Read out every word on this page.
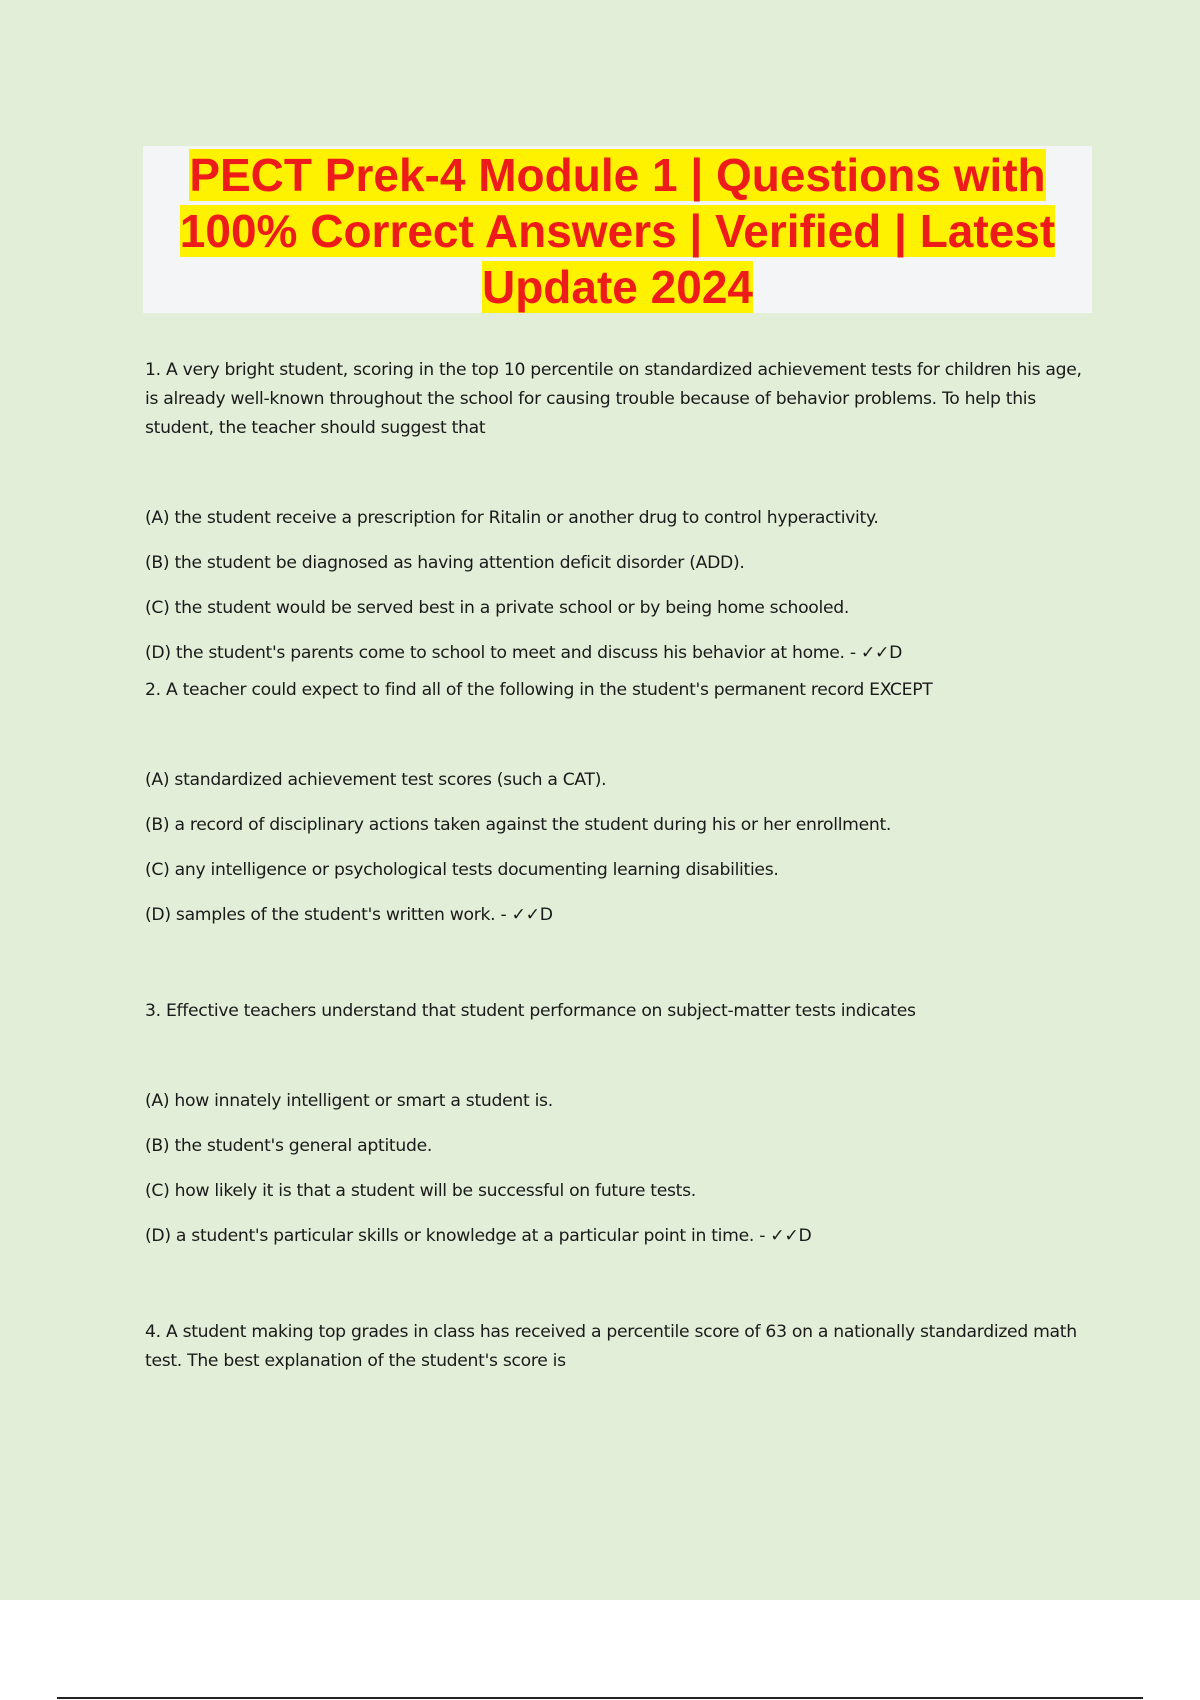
PECT Prek-4 Module 1 | Questions with
100% Correct Answers | Verified | Latest
Update 2024

1. A very bright student, scoring in the top 10 percentile on standardized achievement tests for children his age, is already well-known throughout the school for causing trouble because of behavior problems. To help this student, the teacher should suggest that

(A) the student receive a prescription for Ritalin or another drug to control hyperactivity.

(B) the student be diagnosed as having attention deficit disorder (ADD).

(C) the student would be served best in a private school or by being home schooled.

(D) the student's parents come to school to meet and discuss his behavior at home. - ✓✓D

2. A teacher could expect to find all of the following in the student's permanent record EXCEPT

(A) standardized achievement test scores (such a CAT).

(B) a record of disciplinary actions taken against the student during his or her enrollment.

(C) any intelligence or psychological tests documenting learning disabilities.

(D) samples of the student's written work. - ✓✓D

3. Effective teachers understand that student performance on subject-matter tests indicates

(A) how innately intelligent or smart a student is.

(B) the student's general aptitude.

(C) how likely it is that a student will be successful on future tests.

(D) a student's particular skills or knowledge at a particular point in time. - ✓✓D

4. A student making top grades in class has received a percentile score of 63 on a nationally standardized math test. The best explanation of the student's score is
